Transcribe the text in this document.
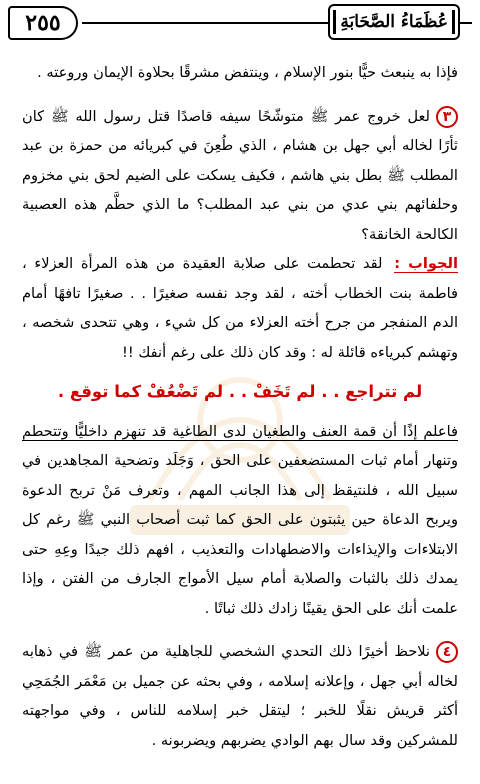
٢٥٥	عُظَمَاءُ الصَّحَابَةِ

فإذا به ينبعث حيًّا بنور الإسلام ، وينتفض مشرقًا بحلاوة الإيمان وروعته .

٣لعل خروج عمر ﷺ متوشّحًا سيفه قاصدًا قتل رسول الله ﷺ كان ثأرًا لخاله أبي جهل بن هشام ، الذي طُعِنَ في كبريائه من حمزة بن عبد المطلب ﷺ بطل بني هاشم ، فكيف يسكت على الضيم لحق بني مخزوم وحلفائهم بني عدي من بني عبد المطلب؟ ما الذي حطَّم هذه العصبية الكالحة الخانقة؟

الجواب : لقد تحطمت على صلابة العقيدة من هذه المرأة العزلاء ، فاطمة بنت الخطاب أخته ، لقد وجد نفسه صغيرًا . . صغيرًا تافهًا أمام الدم المنفجر من جرح أخته العزلاء من كل شيء ، وهي تتحدى شخصه ، وتهشم كبرياءه قائلة له : وقد كان ذلك على رغم أنفك !!

لم تتراجع . . لم تَخَفْ . . لم تَضْعُفْ كما توقع .

فاعلم إذًا أن قمة العنف والطغيان لدى الطاغية قد تنهزم داخليًّا وتتحطم وتنهار أمام ثبات المستضعفين على الحق ، وَجَلَد وتضحية المجاهدين في سبيل الله ، فلنتيقظ إلى هذا الجانب المهم ، وتعرف مَنْ تربح الدعوة ويربح الدعاة حين يثبتون على الحق كما ثبت أصحاب النبي ﷺ رغم كل الابتلاءات والإيذاءات والاضطهادات والتعذيب ، افهم ذلك جيدًا وعِهِ حتى يمدك ذلك بالثبات والصلابة أمام سيل الأمواج الجارف من الفتن ، وإذا علمت أنك على الحق يقينًا زادك ذلك ثباتًا .

٤نلاحظ أخيرًا ذلك التحدي الشخصي للجاهلية من عمر ﷺ في ذهابه لخاله أبي جهل ، وإعلانه إسلامه ، وفي بحثه عن جميل بن مَعْمَر الجُمَحِي أكثر قريش نقلًا للخبر ؛ ليتقل خبر إسلامه للناس ، وفي مواجهته للمشركين وقد سال بهم الوادي يضربهم ويضربونه .
